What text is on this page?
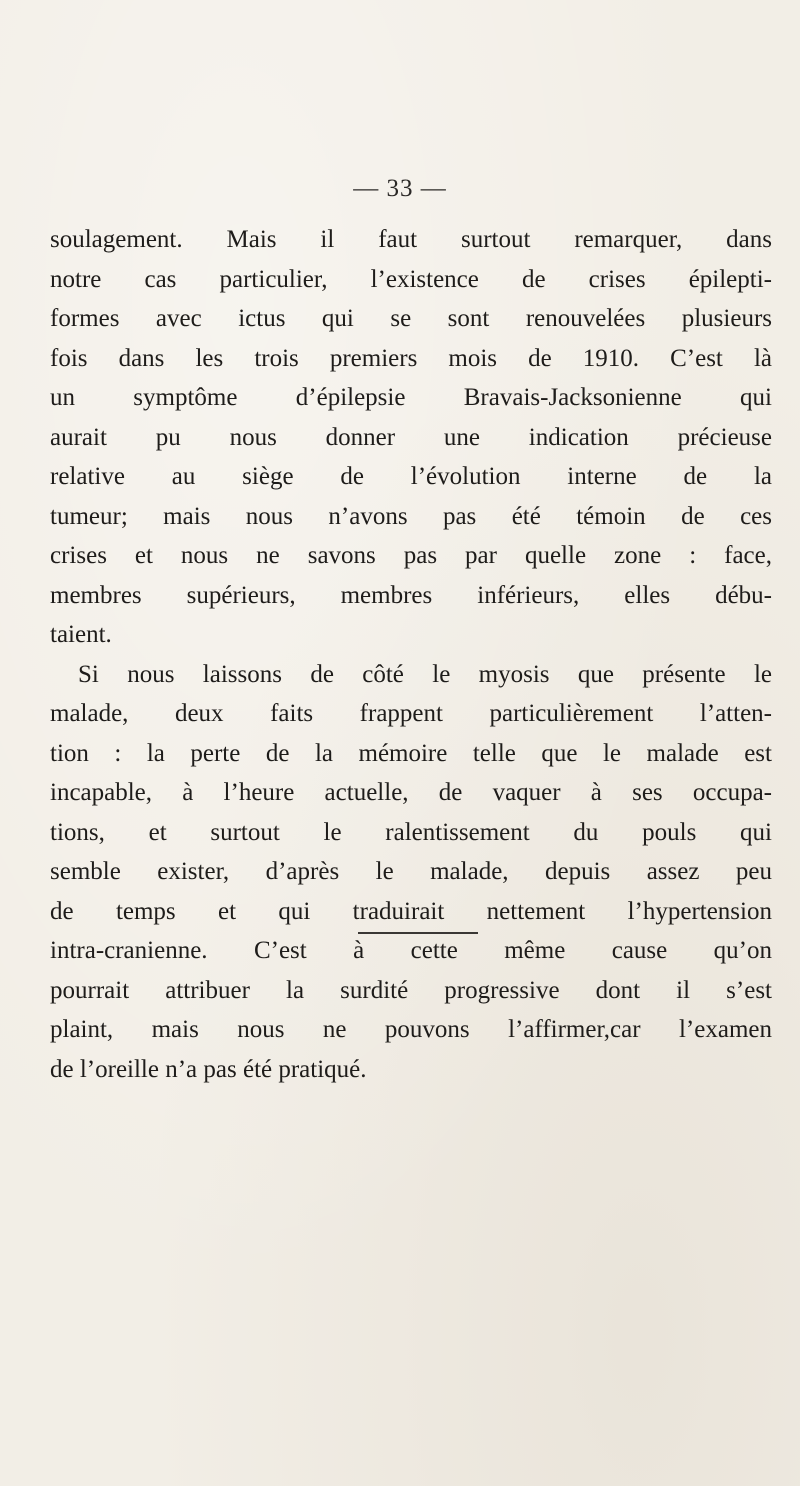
— 33 —
soulagement. Mais il faut surtout remarquer, dans
notre cas particulier, l’existence de crises épilepti-
formes avec ictus qui se sont renouvelées plusieurs
fois dans les trois premiers mois de 1910. C’est là
un symptôme d’épilepsie Bravais-Jacksonienne qui
aurait pu nous donner une indication précieuse
relative au siège de l’évolution interne de la
tumeur; mais nous n’avons pas été témoin de ces
crises et nous ne savons pas par quelle zone : face,
membres supérieurs, membres inférieurs, elles débu-
taient.
Si nous laissons de côté le myosis que présente le
malade, deux faits frappent particulièrement l’atten-
tion : la perte de la mémoire telle que le malade est
incapable, à l’heure actuelle, de vaquer à ses occupa-
tions, et surtout le ralentissement du pouls qui
semble exister, d’après le malade, depuis assez peu
de temps et qui traduirait nettement l’hypertension
intra-cranienne. C’est à cette même cause qu’on
pourrait attribuer la surdité progressive dont il s’est
plaint, mais nous ne pouvons l’affirmer,car l’examen
de l’oreille n’a pas été pratiqué.
